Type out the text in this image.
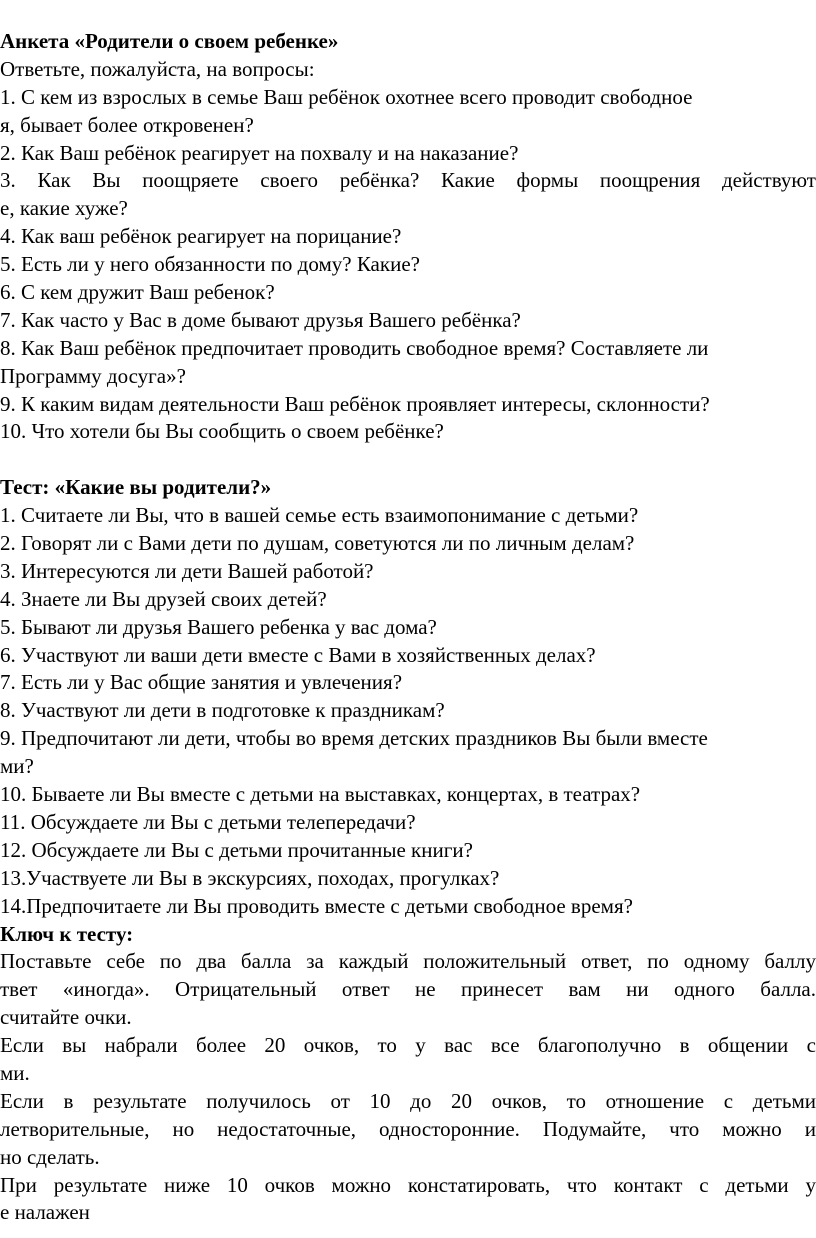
Анкета «Родители о своем ребенке»
Ответьте, пожалуйста, на вопросы:
1. С кем из взрослых в семье Ваш ребёнок охотнее всего проводит свободное
я, бывает более откровенен?
2. Как Ваш ребёнок реагирует на похвалу и на наказание?
3. Как Вы поощряете своего ребёнка? Какие формы поощрения действуют
е, какие хуже?
4. Как ваш ребёнок реагирует на порицание?
5. Есть ли у него обязанности по дому? Какие?
6. С кем дружит Ваш ребенок?
7. Как часто у Вас в доме бывают друзья Вашего ребёнка?
8. Как Ваш ребёнок предпочитает проводить свободное время? Составляете ли
Программу досуга»?
9. К каким видам деятельности Ваш ребёнок проявляет интересы, склонности?
10. Что хотели бы Вы сообщить о своем ребёнке?
Тест: «Какие вы родители?»
1. Считаете ли Вы, что в вашей семье есть взаимопонимание с детьми?
2. Говорят ли с Вами дети по душам, советуются ли по личным делам?
3. Интересуются ли дети Вашей работой?
4. Знаете ли Вы друзей своих детей?
5. Бывают ли друзья Вашего ребенка у вас дома?
6. Участвуют ли ваши дети вместе с Вами в хозяйственных делах?
7. Есть ли у Вас общие занятия и увлечения?
8. Участвуют ли дети в подготовке к праздникам?
9. Предпочитают ли дети, чтобы во время детских праздников Вы были вместе
ми?
10. Бываете ли Вы вместе с детьми на выставках, концертах, в театрах?
11. Обсуждаете ли Вы с детьми телепередачи?
12. Обсуждаете ли Вы с детьми прочитанные книги?
13.Участвуете ли Вы в экскурсиях, походах, прогулках?
14.Предпочитаете ли Вы проводить вместе с детьми свободное время?
Ключ к тесту:
Поставьте себе по два балла за каждый положительный ответ, по одному баллу
твет «иногда». Отрицательный ответ не принесет вам ни одного балла.
считайте очки.
Если вы набрали более 20 очков, то у вас все благополучно в общении с
ми.
Если в результате получилось от 10 до 20 очков, то отношение с детьми
летворительные, но недостаточные, односторонние. Подумайте, что можно и
но сделать.
При результате ниже 10 очков можно констатировать, что контакт с детьми у
е налажен
